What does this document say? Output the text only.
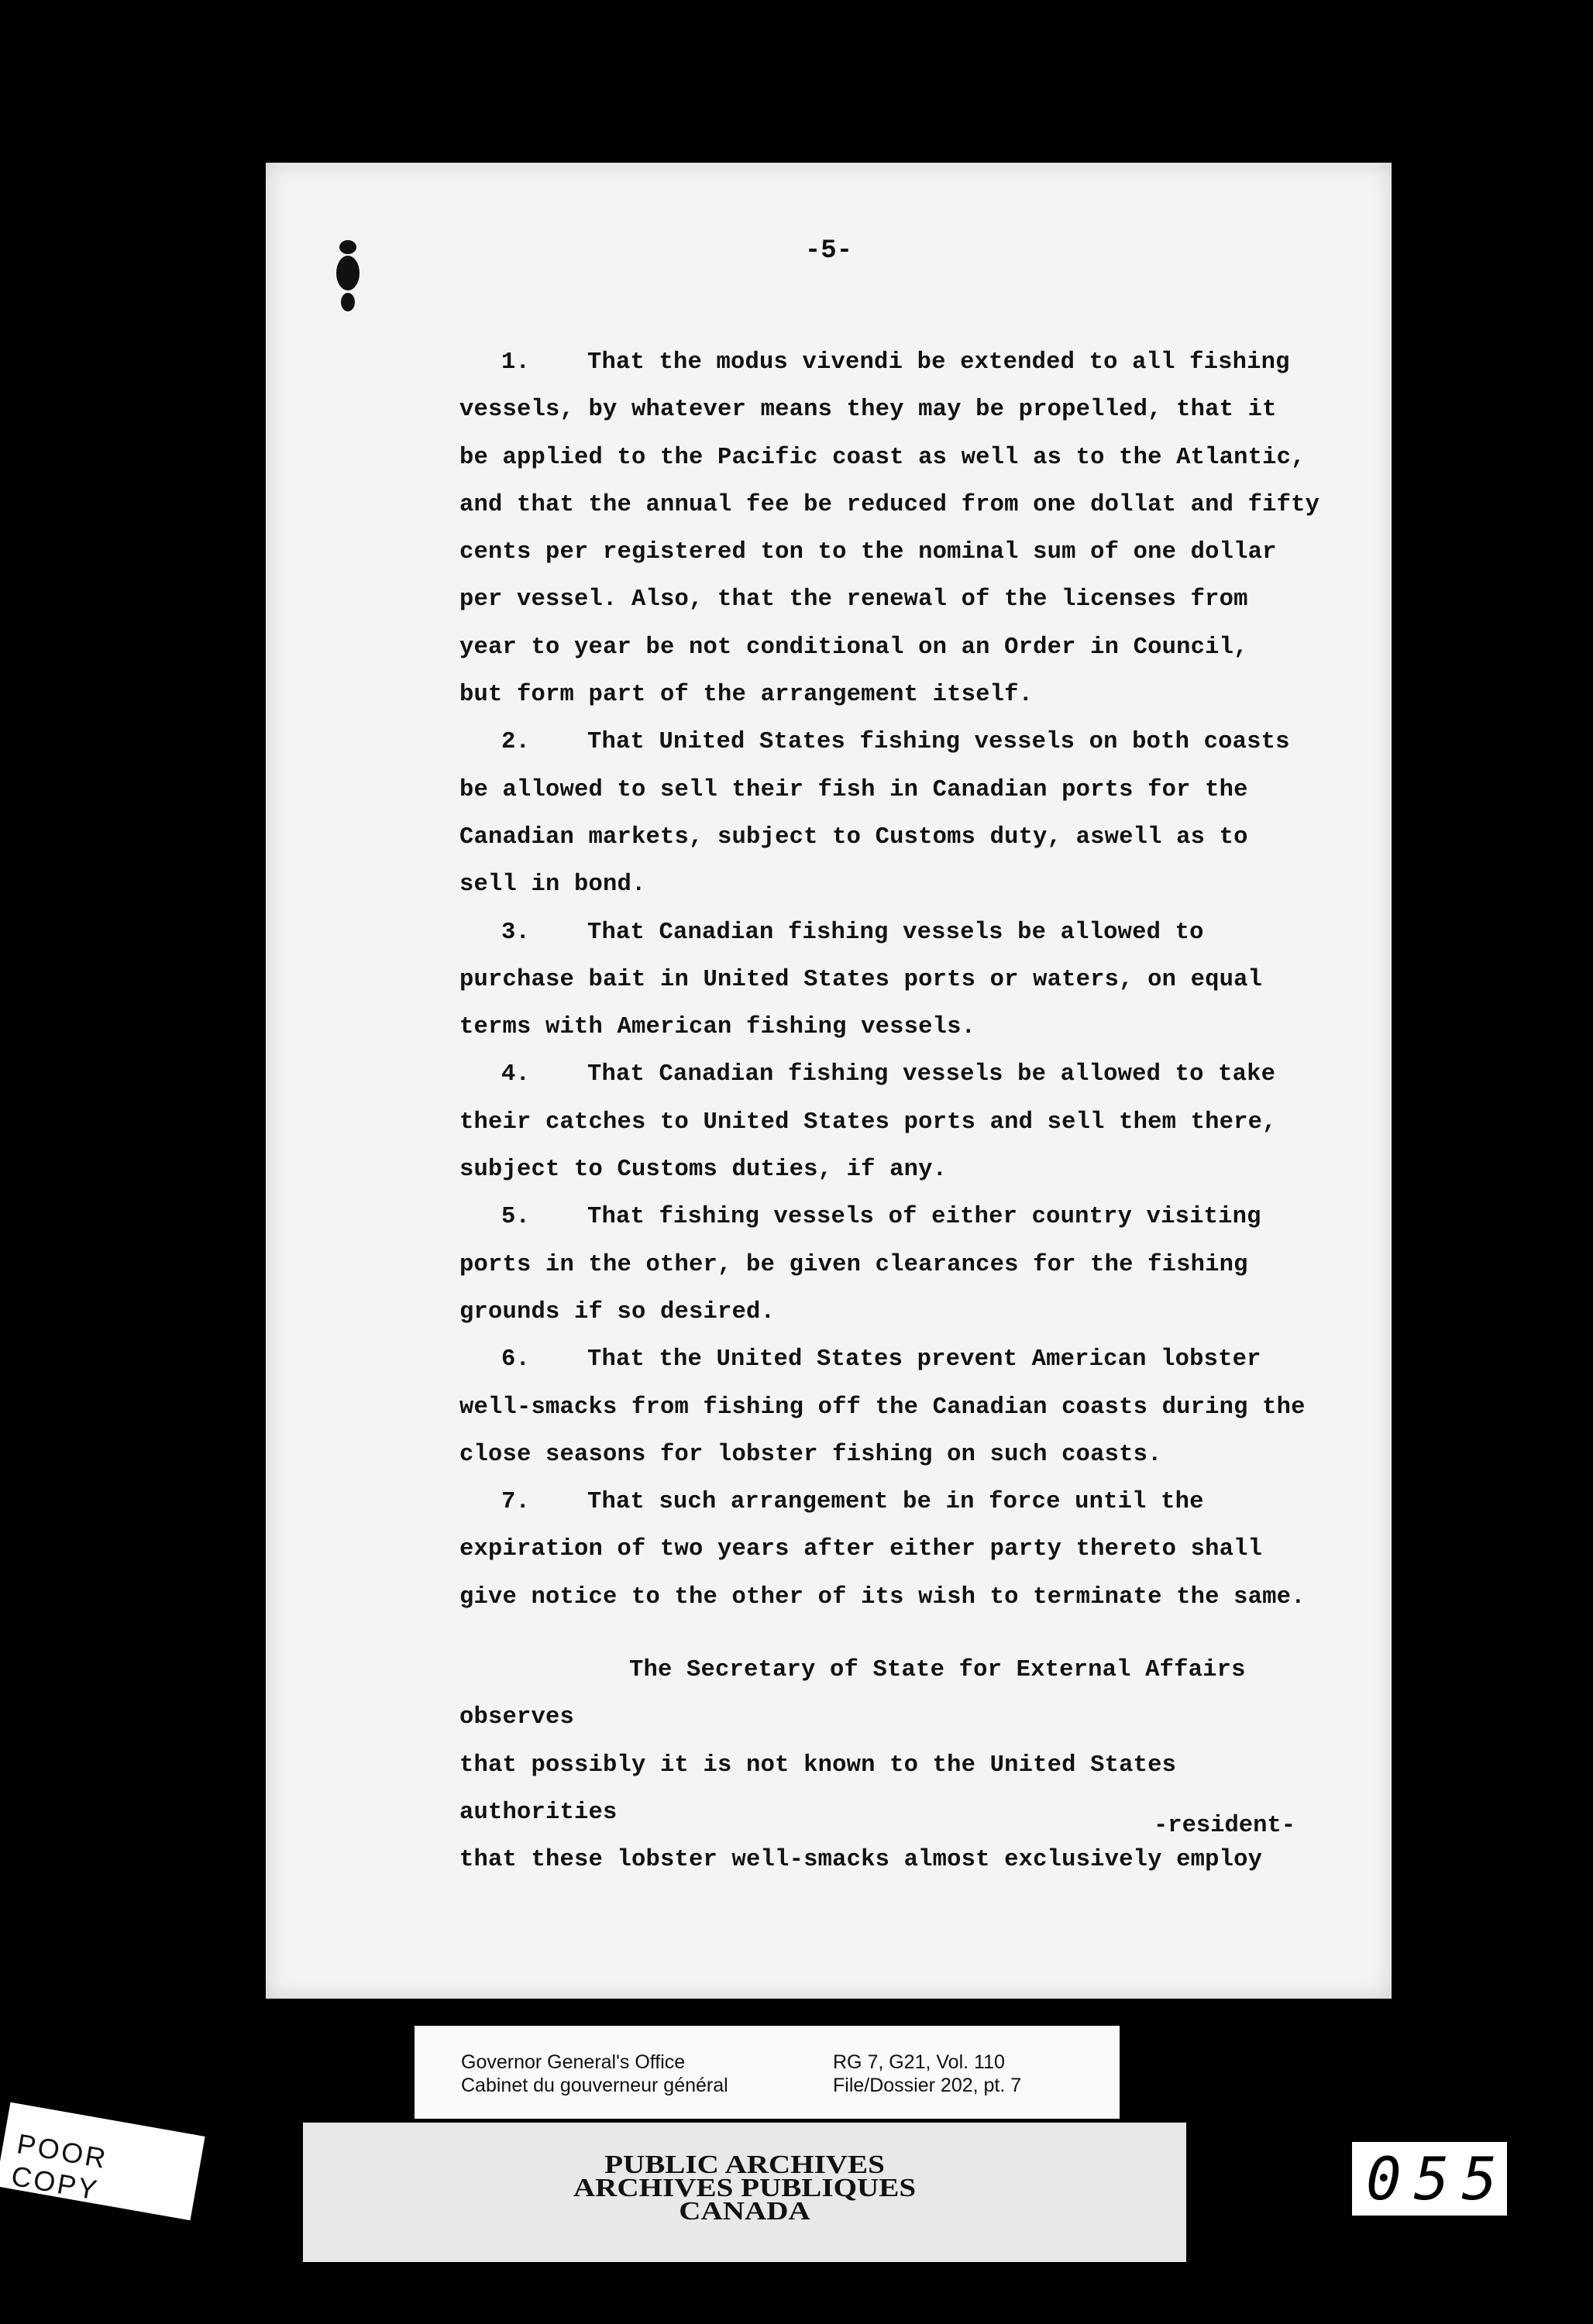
-5-
1. That the modus vivendi be extended to all fishing
vessels, by whatever means they may be propelled, that it
be applied to the Pacific coast as well as to the Atlantic,
and that the annual fee be reduced from one dollat and fifty
cents per registered ton to the nominal sum of one dollar
per vessel. Also, that the renewal of the licenses from
year to year be not conditional on an Order in Council,
but form part of the arrangement itself.
2. That United States fishing vessels on both coasts
be allowed to sell their fish in Canadian ports for the
Canadian markets, subject to Customs duty, aswell as to
sell in bond.
3. That Canadian fishing vessels be allowed to
purchase bait in United States ports or waters, on equal
terms with American fishing vessels.
4. That Canadian fishing vessels be allowed to take
their catches to United States ports and sell them there,
subject to Customs duties, if any.
5. That fishing vessels of either country visiting
ports in the other, be given clearances for the fishing
grounds if so desired.
6. That the United States prevent American lobster
well-smacks from fishing off the Canadian coasts during the
close seasons for lobster fishing on such coasts.
7. That such arrangement be in force until the
expiration of two years after either party thereto shall
give notice to the other of its wish to terminate the same.
The Secretary of State for External Affairs observes
that possibly it is not known to the United States authorities
that these lobster well-smacks almost exclusively employ
-resident-
Governor General's Office
Cabinet du gouverneur général
RG 7, G21, Vol. 110
File/Dossier 202, pt. 7
PUBLIC ARCHIVES
ARCHIVES PUBLIQUES
CANADA
POOR COPY	055
